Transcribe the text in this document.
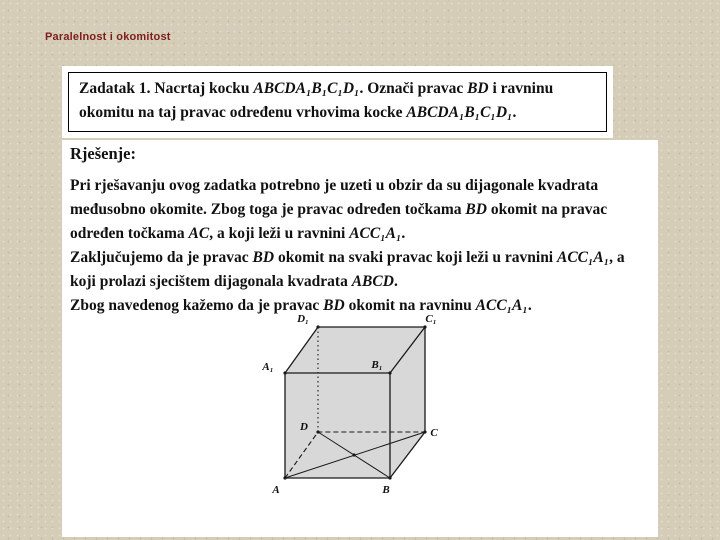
Paralelnost i okomitost

Zadatak 1. Nacrtaj kocku ABCDA₁B₁C₁D₁. Označi pravac BD i ravninu okomitu na taj pravac određenu vrhovima kocke ABCDA₁B₁C₁D₁.

Rješenje:

Pri rješavanju ovog zadatka potrebno je uzeti u obzir da su dijagonale kvadrata međusobno okomite. Zbog toga je pravac određen točkama BD okomit na pravac određen točkama AC, a koji leži u ravnini ACC₁A₁.

Zaključujemo da je pravac BD okomit na svaki pravac koji leži u ravnini ACC₁A₁, a koji prolazi sjecištem dijagonala kvadrata ABCD.

Zbog navedenog kažemo da je pravac BD okomit na ravninu ACC₁A₁.

A	B
C
D
A₁	B₁
C₁
D₁
